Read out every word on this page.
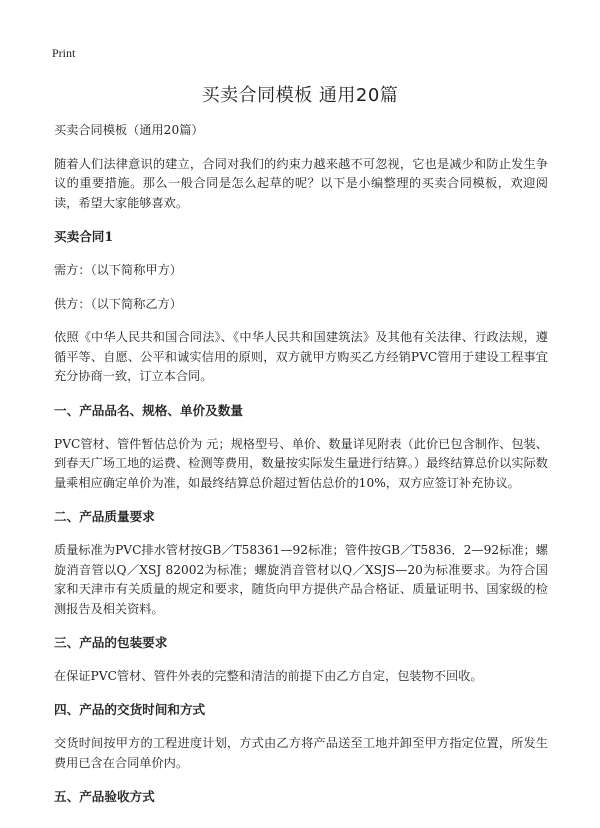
Print
买卖合同模板 通用20篇
买卖合同模板（通用20篇）
随着人们法律意识的建立，合同对我们的约束力越来越不可忽视，它也是减少和防止发生争议的重要措施。那么一般合同是怎么起草的呢？以下是小编整理的买卖合同模板，欢迎阅读，希望大家能够喜欢。
买卖合同1
需方：（以下简称甲方）
供方：（以下简称乙方）
依照《中华人民共和国合同法》、《中华人民共和国建筑法》及其他有关法律、行政法规，遵循平等、自愿、公平和诚实信用的原则，双方就甲方购买乙方经销PVC管用于建设工程事宜充分协商一致，订立本合同。
一、产品品名、规格、单价及数量
PVC管材、管件暂估总价为 元；规格型号、单价、数量详见附表（此价已包含制作、包装、到春天广场工地的运费、检测等费用，数量按实际发生量进行结算。）最终结算总价以实际数量乘相应确定单价为准，如最终结算总价超过暂估总价的10%，双方应签订补充协议。
二、产品质量要求
质量标准为PVC排水管材按GB／T58361—92标准；管件按GB／T5836．2—92标准；螺旋消音管以Q／XSJ 82002为标准；螺旋消音管材以Q／XSJS—20为标准要求。为符合国家和天津市有关质量的规定和要求，随货向甲方提供产品合格证、质量证明书、国家级的检测报告及相关资料。
三、产品的包装要求
在保证PVC管材、管件外表的完整和清洁的前提下由乙方自定，包装物不回收。
四、产品的交货时间和方式
交货时间按甲方的工程进度计划，方式由乙方将产品送至工地并卸至甲方指定位置，所发生费用已含在合同单价内。
五、产品验收方式
